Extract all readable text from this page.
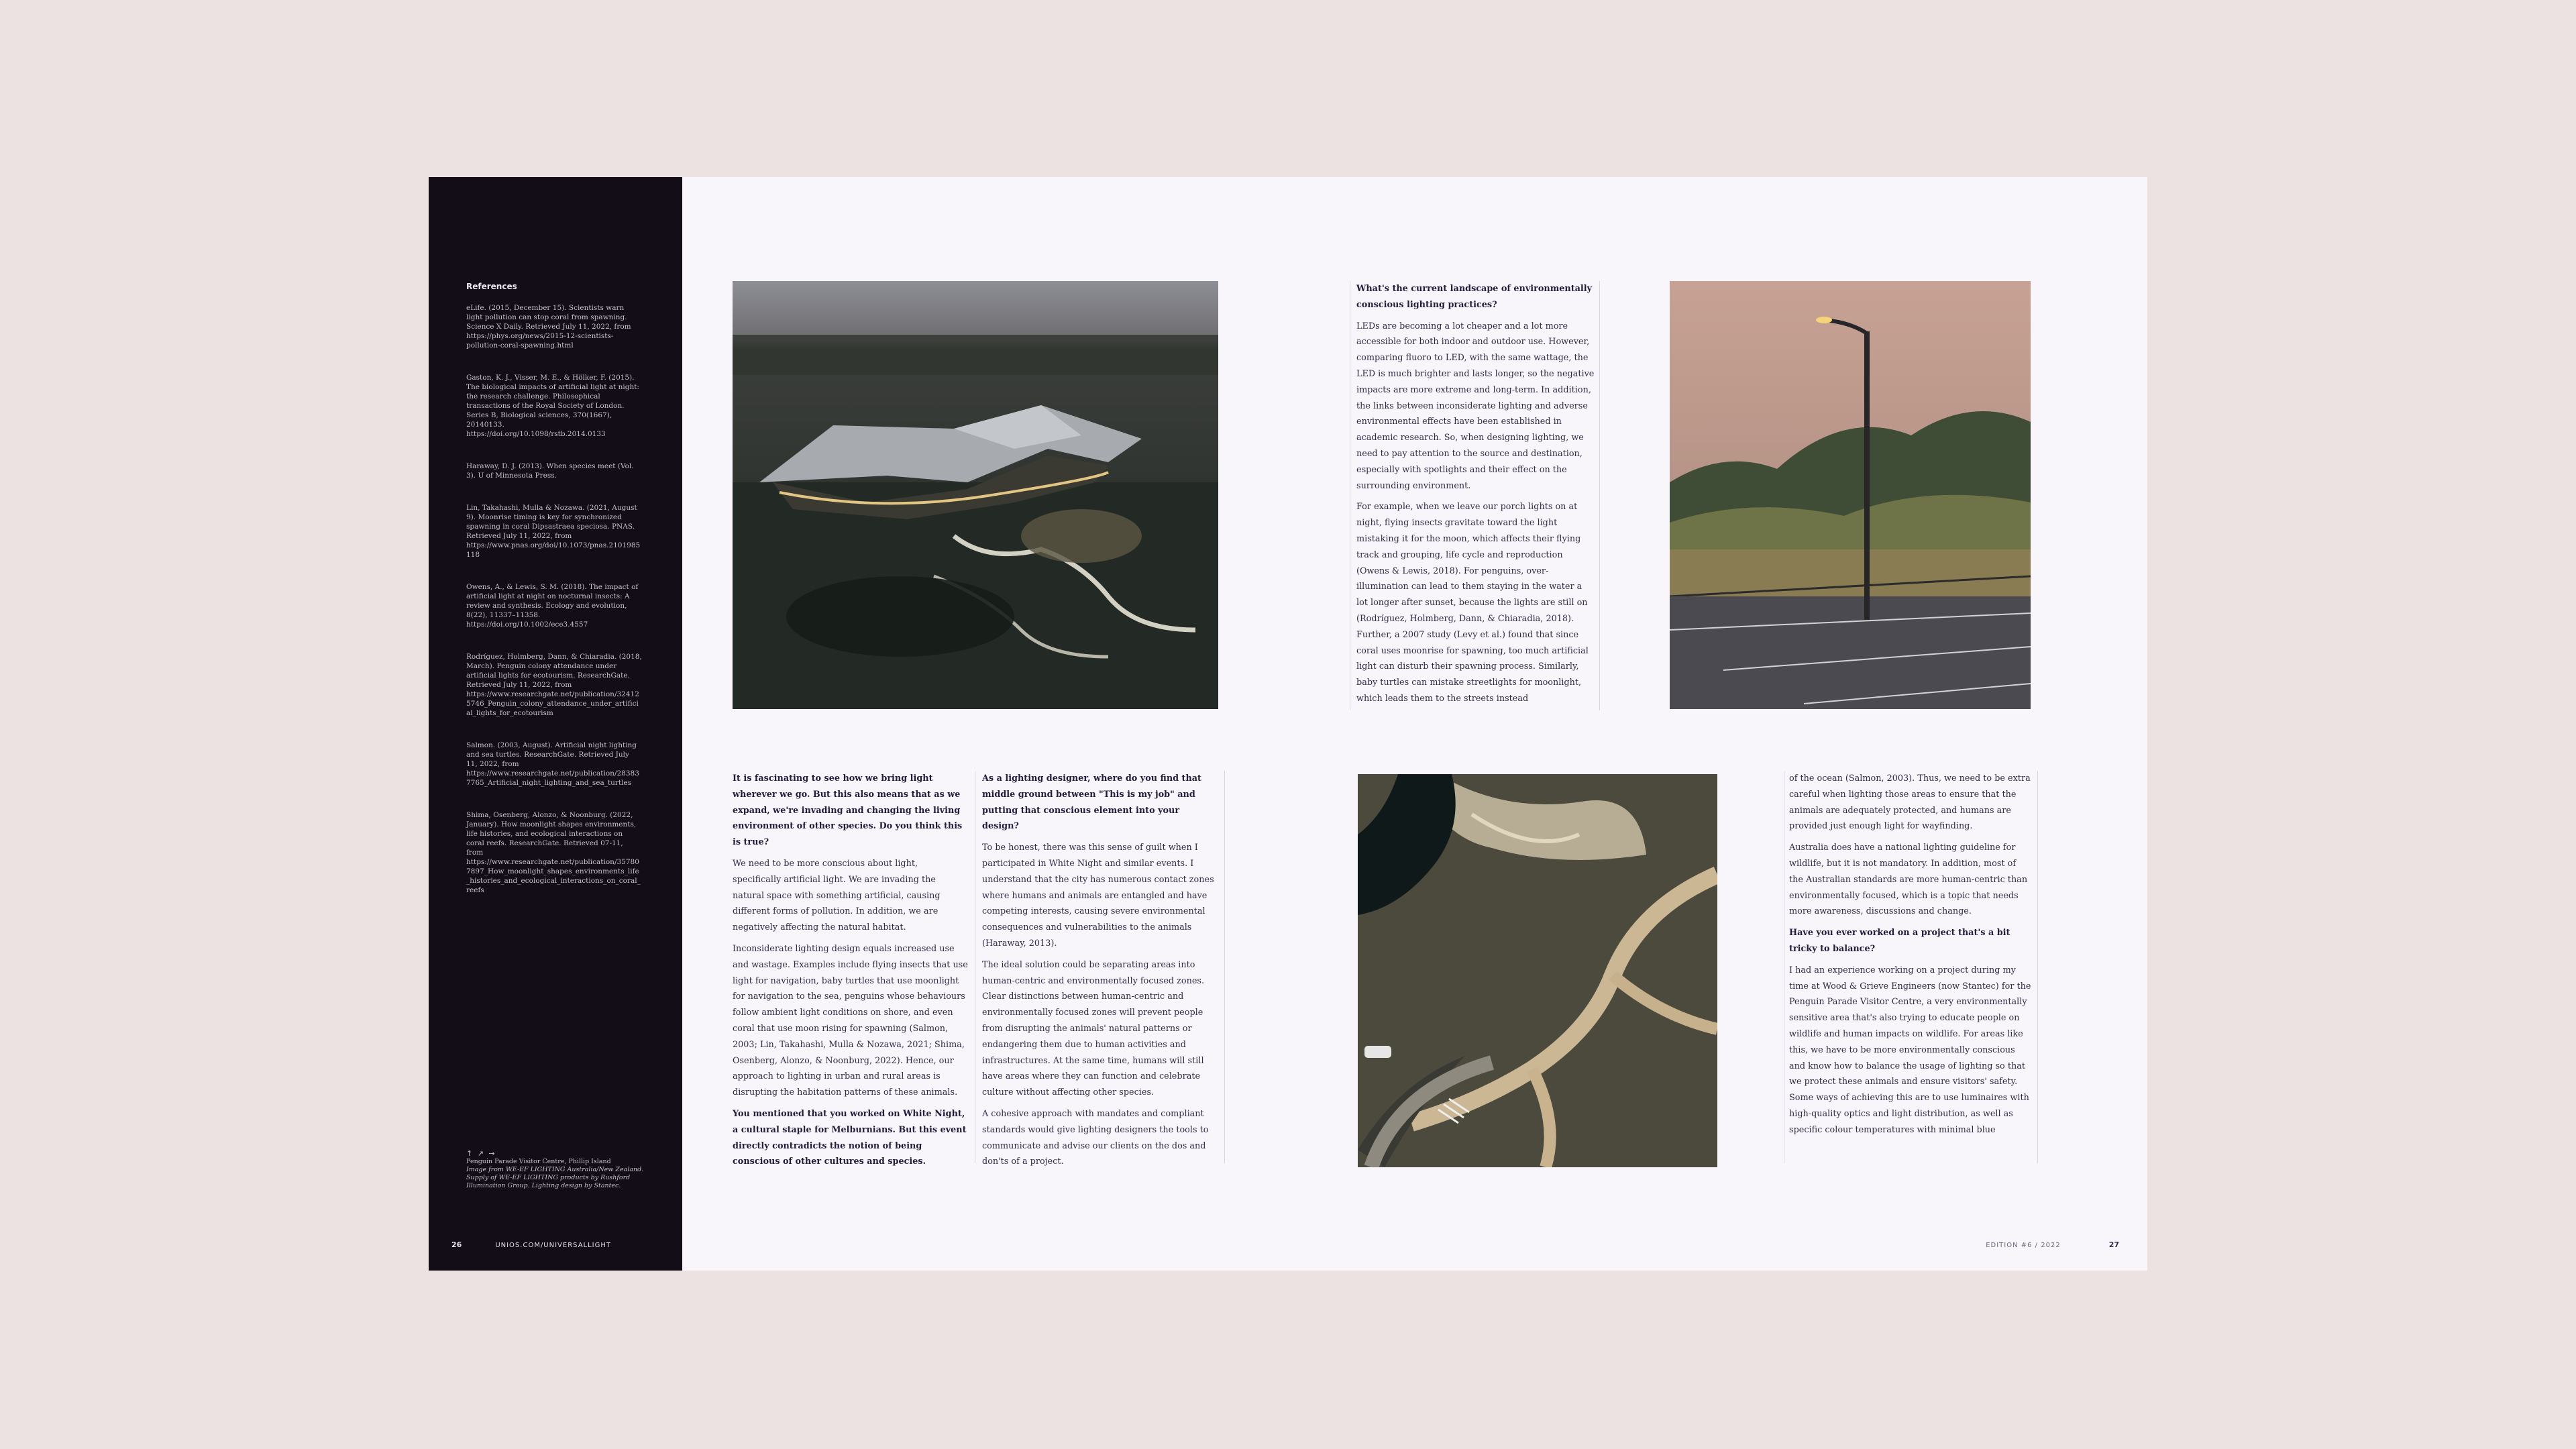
References
eLife. (2015, December 15). Scientists warn light pollution can stop coral from spawning. Science X Daily. Retrieved July 11, 2022, from https://phys.org/news/2015-12-scientists-pollution-coral-spawning.html
Gaston, K. J., Visser, M. E., & Hölker, F. (2015). The biological impacts of artificial light at night: the research challenge. Philosophical transactions of the Royal Society of London. Series B, Biological sciences, 370(1667), 20140133. https://doi.org/10.1098/rstb.2014.0133
Haraway, D. J. (2013). When species meet (Vol. 3). U of Minnesota Press.
Lin, Takahashi, Mulla & Nozawa. (2021, August 9). Moonrise timing is key for synchronized spawning in coral Dipsastraea speciosa. PNAS. Retrieved July 11, 2022, from https://www.pnas.org/doi/10.1073/pnas.2101985118
Owens, A., & Lewis, S. M. (2018). The impact of artificial light at night on nocturnal insects: A review and synthesis. Ecology and evolution, 8(22), 11337–11358. https://doi.org/10.1002/ece3.4557
Rodríguez, Holmberg, Dann, & Chiaradia. (2018, March). Penguin colony attendance under artificial lights for ecotourism. ResearchGate. Retrieved July 11, 2022, from https://www.researchgate.net/publication/324125746_Penguin_colony_attendance_under_artificial_lights_for_ecotourism
Salmon. (2003, August). Artificial night lighting and sea turtles. ResearchGate. Retrieved July 11, 2022, from https://www.researchgate.net/publication/283837765_Artificial_night_lighting_and_sea_turtles
Shima, Osenberg, Alonzo, & Noonburg. (2022, January). How moonlight shapes environments, life histories, and ecological interactions on coral reefs. ResearchGate. Retrieved 07-11, from https://www.researchgate.net/publication/357807897_How_moonlight_shapes_environments_life_histories_and_ecological_interactions_on_coral_reefs
↑ ↗ →
Penguin Parade Visitor Centre, Phillip Island
Image from WE-EF LIGHTING Australia/New Zealand. Supply of WE-EF LIGHTING products by Rushford Illumination Group. Lighting design by Stantec.
26	UNIOS.COM/UNIVERSALLIGHT
What's the current landscape of environmentally conscious lighting practices?

LEDs are becoming a lot cheaper and a lot more accessible for both indoor and outdoor use. However, comparing fluoro to LED, with the same wattage, the LED is much brighter and lasts longer, so the negative impacts are more extreme and long-term. In addition, the links between inconsiderate lighting and adverse environmental effects have been established in academic research. So, when designing lighting, we need to pay attention to the source and destination, especially with spotlights and their effect on the surrounding environment.

For example, when we leave our porch lights on at night, flying insects gravitate toward the light mistaking it for the moon, which affects their flying track and grouping, life cycle and reproduction (Owens & Lewis, 2018). For penguins, over-illumination can lead to them staying in the water a lot longer after sunset, because the lights are still on (Rodríguez, Holmberg, Dann, & Chiaradia, 2018). Further, a 2007 study (Levy et al.) found that since coral uses moonrise for spawning, too much artificial light can disturb their spawning process. Similarly, baby turtles can mistake streetlights for moonlight, which leads them to the streets instead

It is fascinating to see how we bring light wherever we go. But this also means that as we expand, we're invading and changing the living environment of other species. Do you think this is true?

We need to be more conscious about light, specifically artificial light. We are invading the natural space with something artificial, causing different forms of pollution. In addition, we are negatively affecting the natural habitat.

Inconsiderate lighting design equals increased use and wastage. Examples include flying insects that use light for navigation, baby turtles that use moonlight for navigation to the sea, penguins whose behaviours follow ambient light conditions on shore, and even coral that use moon rising for spawning (Salmon, 2003; Lin, Takahashi, Mulla & Nozawa, 2021; Shima, Osenberg, Alonzo, & Noonburg, 2022). Hence, our approach to lighting in urban and rural areas is disrupting the habitation patterns of these animals.

You mentioned that you worked on White Night, a cultural staple for Melburnians. But this event directly contradicts the notion of being conscious of other cultures and species.
As a lighting designer, where do you find that middle ground between "This is my job" and putting that conscious element into your design?

To be honest, there was this sense of guilt when I participated in White Night and similar events. I understand that the city has numerous contact zones where humans and animals are entangled and have competing interests, causing severe environmental consequences and vulnerabilities to the animals (Haraway, 2013).

The ideal solution could be separating areas into human-centric and environmentally focused zones. Clear distinctions between human-centric and environmentally focused zones will prevent people from disrupting the animals' natural patterns or endangering them due to human activities and infrastructures. At the same time, humans will still have areas where they can function and celebrate culture without affecting other species.

A cohesive approach with mandates and compliant standards would give lighting designers the tools to communicate and advise our clients on the dos and don'ts of a project.

of the ocean (Salmon, 2003). Thus, we need to be extra careful when lighting those areas to ensure that the animals are adequately protected, and humans are provided just enough light for wayfinding.

Australia does have a national lighting guideline for wildlife, but it is not mandatory. In addition, most of the Australian standards are more human-centric than environmentally focused, which is a topic that needs more awareness, discussions and change.

Have you ever worked on a project that's a bit tricky to balance?

I had an experience working on a project during my time at Wood & Grieve Engineers (now Stantec) for the Penguin Parade Visitor Centre, a very environmentally sensitive area that's also trying to educate people on wildlife and human impacts on wildlife. For areas like this, we have to be more environmentally conscious and know how to balance the usage of lighting so that we protect these animals and ensure visitors' safety. Some ways of achieving this are to use luminaires with high-quality optics and light distribution, as well as specific colour temperatures with minimal blue

EDITION #6 / 2022	27
